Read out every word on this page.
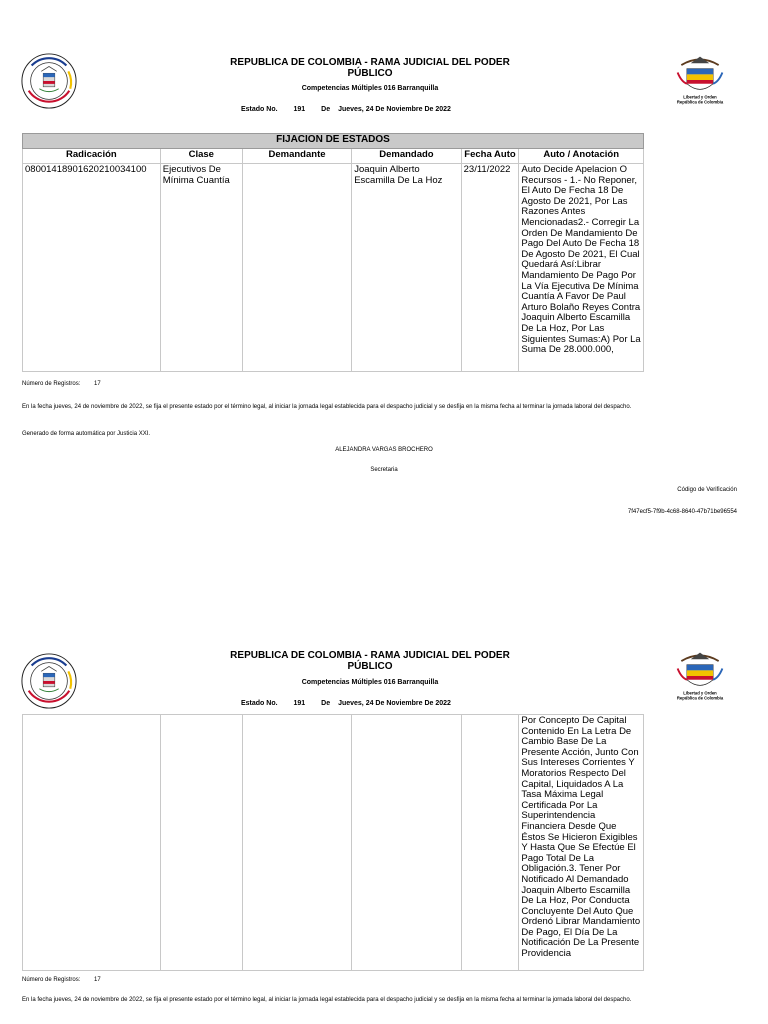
REPUBLICA DE COLOMBIA - RAMA JUDICIAL DEL PODER
PÚBLICO
Competencias Múltiples 016 Barranquilla
Estado No. 191 De Jueves, 24 De Noviembre De 2022
Libertad y Orden
República de Colombia
FIJACION DE ESTADOS					
Radicación	Clase	Demandante	Demandado	Fecha Auto	Auto / Anotación
08001418901620210034100	Ejecutivos De Mínima Cuantía		Joaquin Alberto Escamilla De La Hoz	23/11/2022	Auto Decide Apelacion O Recursos - 1.- No Reponer, El Auto De Fecha 18 De Agosto De 2021, Por Las Razones Antes Mencionadas2.- Corregir La Orden De Mandamiento De Pago Del Auto De Fecha 18 De Agosto De 2021, El Cual Quedará Así:Librar Mandamiento De Pago Por La Vía Ejecutiva De Mínima Cuantía A Favor De Paul Arturo Bolaño Reyes Contra Joaquin Alberto Escamilla De La Hoz, Por Las Siguientes Sumas:A) Por La Suma De 28.000.000,
Número de Registros: 17
En la fecha jueves, 24 de noviembre de 2022, se fija el presente estado por el término legal, al iniciar la jornada legal establecida para el despacho judicial y se desfija en la misma fecha al terminar la jornada laboral del despacho.
Generado de forma automática por Justicia XXI.
ALEJANDRA VARGAS BROCHERO
Secretaria
Código de Verificación
7f47ecf5-7f9b-4c68-8640-47b71be96554
REPUBLICA DE COLOMBIA - RAMA JUDICIAL DEL PODER
PÚBLICO
Competencias Múltiples 016 Barranquilla
Estado No. 191 De Jueves, 24 De Noviembre De 2022
Libertad y Orden
República de Colombia
					Por Concepto De Capital Contenido En La Letra De Cambio Base De La Presente Acción, Junto Con Sus Intereses Corrientes Y Moratorios Respecto Del Capital, Liquidados A La Tasa Máxima Legal Certificada Por La Superintendencia Financiera Desde Que Éstos Se Hicieron Exigibles Y Hasta Que Se Efectúe El Pago Total De La Obligación.3. Tener Por Notificado Al Demandado Joaquin Alberto Escamilla De La Hoz, Por Conducta Concluyente Del Auto Que Ordenó Librar Mandamiento De Pago, El Día De La Notificación De La Presente Providencia
Número de Registros: 17
En la fecha jueves, 24 de noviembre de 2022, se fija el presente estado por el término legal, al iniciar la jornada legal establecida para el despacho judicial y se desfija en la misma fecha al terminar la jornada laboral del despacho.
